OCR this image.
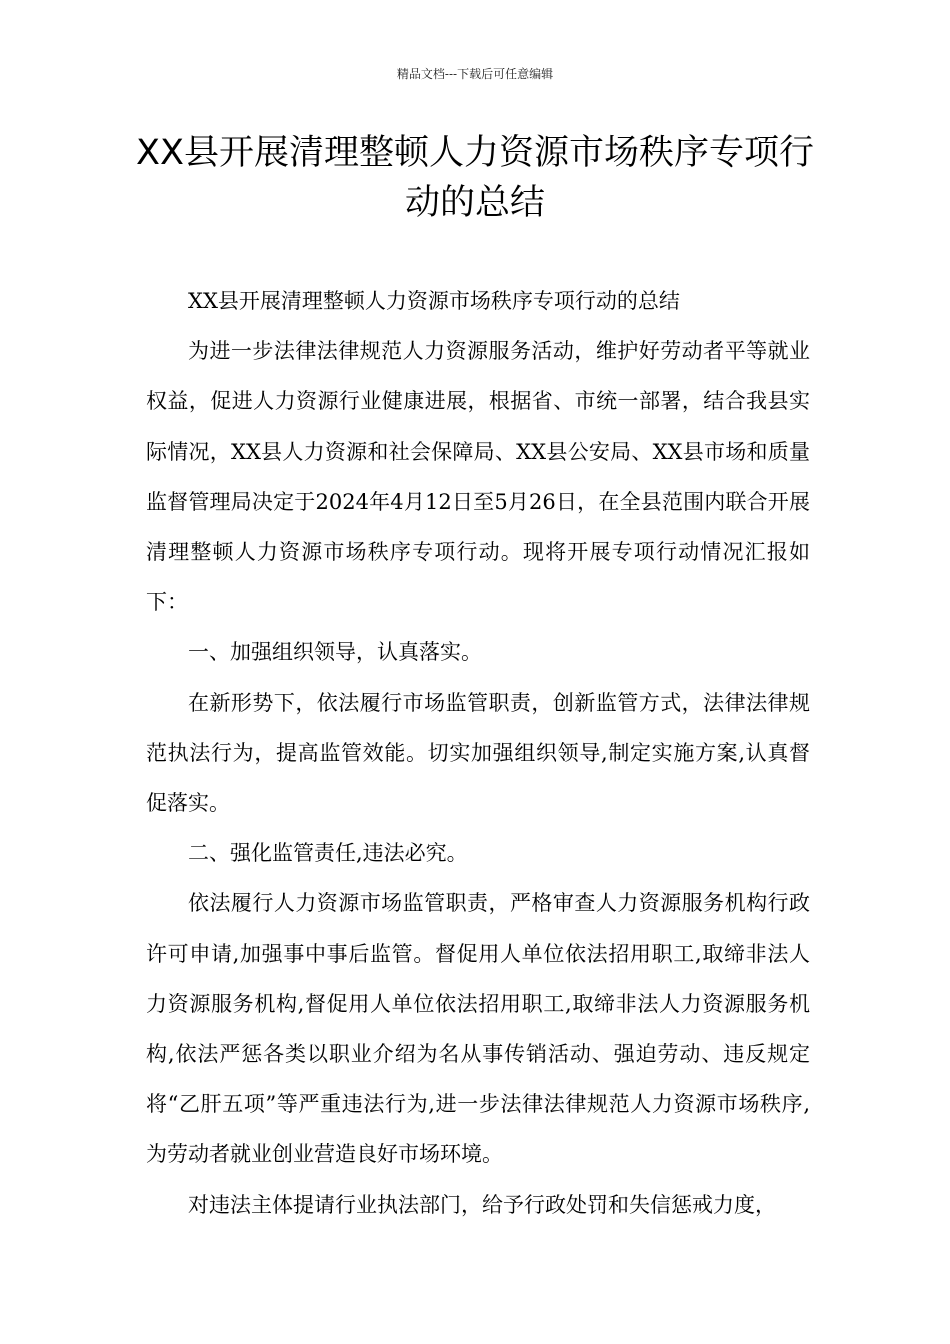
精品文档---下载后可任意编辑
XX县开展清理整顿人力资源市场秩序专项行动的总结

XX县开展清理整顿人力资源市场秩序专项行动的总结

为进一步法律法律规范人力资源服务活动，维护好劳动者平等就业权益，促进人力资源行业健康进展，根据省、市统一部署，结合我县实际情况，XX县人力资源和社会保障局、XX县公安局、XX县市场和质量监督管理局决定于2024年4月12日至5月26日，在全县范围内联合开展清理整顿人力资源市场秩序专项行动。现将开展专项行动情况汇报如下：

一、加强组织领导，认真落实。

在新形势下，依法履行市场监管职责，创新监管方式，法律法律规范执法行为，提高监管效能。切实加强组织领导,制定实施方案,认真督促落实。

二、强化监管责任,违法必究。

依法履行人力资源市场监管职责，严格审查人力资源服务机构行政许可申请,加强事中事后监管。督促用人单位依法招用职工,取缔非法人力资源服务机构,督促用人单位依法招用职工,取缔非法人力资源服务机构,依法严惩各类以职业介绍为名从事传销活动、强迫劳动、违反规定将“乙肝五项”等严重违法行为,进一步法律法律规范人力资源市场秩序,为劳动者就业创业营造良好市场环境。

对违法主体提请行业执法部门，给予行政处罚和失信惩戒力度，
